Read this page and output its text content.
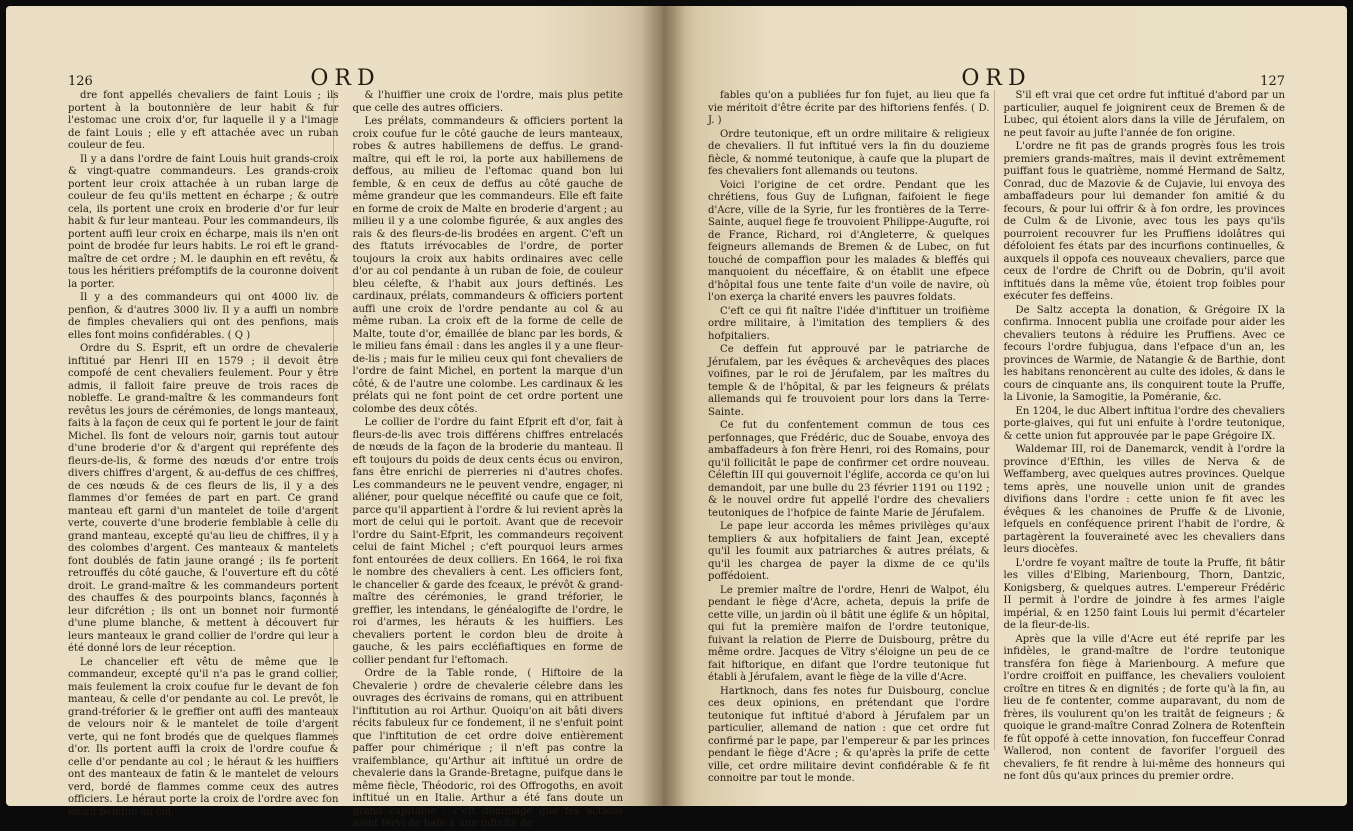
126	ORD

dre font appellés chevaliers de faint Louis ; ils portent à la boutonnière de leur habit & fur l'estomac une croix d'or, fur laquelle il y a l'image de faint Louis ; elle y eft attachée avec un ruban couleur de feu.

Il y a dans l'ordre de faint Louis huit grands-croix & vingt-quatre commandeurs. Les grands-croix portent leur croix attachée à un ruban large de couleur de feu qu'ils mettent en écharpe ; & outre cela, ils portent une croix en broderie d'or fur leur habit & fur leur manteau. Pour les commandeurs, ils portent auffi leur croix en écharpe, mais ils n'en ont point de brodée fur leurs habits. Le roi eft le grand-maître de cet ordre ; M. le dauphin en eft revêtu, & tous les héritiers préfomptifs de la couronne doivent la porter.

Il y a des commandeurs qui ont 4000 liv. de penfion, & d'autres 3000 liv. Il y a auffi un nombre de fimples chevaliers qui ont des penfions, mais elles font moins confidérables. ( Q )

Ordre du S. Esprit, eft un ordre de chevalerie inftitué par Henri III en 1579 ; il devoit être compofé de cent chevaliers feulement. Pour y être admis, il falloit faire preuve de trois races de nobleffe. Le grand-maître & les commandeurs font revêtus les jours de cérémonies, de longs manteaux, faits à la façon de ceux qui fe portent le jour de faint Michel. Ils font de velours noir, garnis tout autour d'une broderie d'or & d'argent qui repréfente des fleurs-de-lis, & forme des nœuds d'or entre trois divers chiffres d'argent, & au-deffus de ces chiffres, de ces nœuds & de ces fleurs de lis, il y a des flammes d'or femées de part en part. Ce grand manteau eft garni d'un mantelet de toile d'argent verte, couverte d'une broderie femblable à celle du grand manteau, excepté qu'au lieu de chiffres, il y a des colombes d'argent. Ces manteaux & mantelets font doublés de fatin jaune orangé ; ils fe portent retrouffés du côté gauche, & l'ouverture eft du côté droit. Le grand-maître & les commandeurs portent des chauffes & des pourpoints blancs, façonnés à leur difcrétion ; ils ont un bonnet noir furmonté d'une plume blanche, & mettent à découvert fur leurs manteaux le grand collier de l'ordre qui leur a été donné lors de leur réception.

Le chancelier eft vêtu de même que le commandeur, excepté qu'il n'a pas le grand collier, mais feulement la croix coufue fur le devant de fon manteau, & celle d'or pendante au col. Le prevôt, le grand-tréforier & le greffier ont auffi des manteaux de velours noir & le mantelet de toile d'argent verte, qui ne font brodés que de quelques flammes d'or. Ils portent auffi la croix de l'ordre coufue & celle d'or pendante au col ; le héraut & les huiffiers ont des manteaux de fatin & le mantelet de velours verd, bordé de flammes comme ceux des autres officiers. Le héraut porte la croix de l'ordre avec fon émail pendue au col,

& l'huiffier une croix de l'ordre, mais plus petite que celle des autres officiers.

Les prélats, commandeurs & officiers portent la croix coufue fur le côté gauche de leurs manteaux, robes & autres habillemens de deffus. Le grand-maître, qui eft le roi, la porte aux habillemens de deffous, au milieu de l'eftomac quand bon lui femble, & en ceux de deffus au côté gauche de même grandeur que les commandeurs. Elle eft faite en forme de croix de Malte en broderie d'argent ; au milieu il y a une colombe figurée, & aux angles des rais & des fleurs-de-lis brodées en argent. C'eft un des ftatuts irrévocables de l'ordre, de porter toujours la croix aux habits ordinaires avec celle d'or au col pendante à un ruban de foie, de couleur bleu célefte, & l'habit aux jours deftinés. Les cardinaux, prélats, commandeurs & officiers portent auffi une croix de l'ordre pendante au col & au même ruban. La croix eft de la forme de celle de Malte, toute d'or, émaillée de blanc par les bords, & le milieu fans émail : dans les angles il y a une fleur-de-lis ; mais fur le milieu ceux qui font chevaliers de l'ordre de faint Michel, en portent la marque d'un côté, & de l'autre une colombe. Les cardinaux & les prélats qui ne font point de cet ordre portent une colombe des deux côtés.

Le collier de l'ordre du faint Efprit eft d'or, fait à fleurs-de-lis avec trois différens chiffres entrelacés de nœuds de la façon de la broderie du manteau. Il eft toujours du poids de deux cents écus ou environ, fans être enrichi de pierreries ni d'autres chofes. Les commandeurs ne le peuvent vendre, engager, ni aliéner, pour quelque néceffité ou caufe que ce foit, parce qu'il appartient à l'ordre & lui revient après la mort de celui qui le portoit. Avant que de recevoir l'ordre du Saint-Efprit, les commandeurs reçoivent celui de faint Michel ; c'eft pourquoi leurs armes font entourées de deux colliers. En 1664, le roi fixa le nombre des chevaliers à cent. Les officiers font, le chancelier & garde des fceaux, le prévôt & grand-maître des cérémonies, le grand tréforier, le greffier, les intendans, le généalogifte de l'ordre, le roi d'armes, les hérauts & les huiffiers. Les chevaliers portent le cordon bleu de droite à gauche, & les pairs eccléfiaftiques en forme de collier pendant fur l'eftomach.

Ordre de la Table ronde, ( Hiftoire de la Chevalerie ) ordre de chevalerie célebre dans les ouvrages des écrivains de romans, qui en attribuent l'inftitution au roi Arthur. Quoiqu'on ait bâti divers récits fabuleux fur ce fondement, il ne s'enfuit point que l'inftitution de cet ordre doive entièrement paffer pour chimérique ; il n'eft pas contre la vraifemblance, qu'Arthur ait inftitué un ordre de chevalerie dans la Grande-Bretagne, puifque dans le même fiècle, Théodoric, roi des Offrogoths, en avoit inftitué un en Italie. Arthur a été fans doute un grand capitaine : c'eft dommage que fes actions aient fervi de bafe à une infinité de

ORD	127

fables qu'on a publiées fur fon fujet, au lieu que fa vie méritoit d'être écrite par des hiftoriens fenfés. ( D. J. )

Ordre teutonique, eft un ordre militaire & religieux de chevaliers. Il fut inftitué vers la fin du douzieme fiècle, & nommé teutonique, à caufe que la plupart de fes chevaliers font allemands ou teutons.

Voici l'origine de cet ordre. Pendant que les chrétiens, fous Guy de Lufignan, faifoient le fiege d'Acre, ville de la Syrie, fur les frontières de la Terre-Sainte, auquel fiege fe trouvoient Philippe-Augufte, roi de France, Richard, roi d'Angleterre, & quelques feigneurs allemands de Bremen & de Lubec, on fut touché de compaffion pour les malades & bleffés qui manquoient du néceffaire, & on établit une efpece d'hôpital fous une tente faite d'un voile de navire, où l'on exerça la charité envers les pauvres foldats.

C'eft ce qui fit naître l'idée d'inftituer un troifième ordre militaire, à l'imitation des templiers & des hofpitaliers.

Ce deffein fut approuvé par le patriarche de Jérufalem, par les évêques & archevêques des places voifines, par le roi de Jérufalem, par les maîtres du temple & de l'hôpital, & par les feigneurs & prélats allemands qui fe trouvoient pour lors dans la Terre-Sainte.

Ce fut du confentement commun de tous ces perfonnages, que Frédéric, duc de Souabe, envoya des ambaffadeurs à fon frère Henri, roi des Romains, pour qu'il follicitât le pape de confirmer cet ordre nouveau. Céleftin III qui gouvernoit l'églife, accorda ce qu'on lui demandoit, par une bulle du 23 février 1191 ou 1192 ; & le nouvel ordre fut appellé l'ordre des chevaliers teutoniques de l'hofpice de fainte Marie de Jérufalem.

Le pape leur accorda les mêmes privilèges qu'aux templiers & aux hofpitaliers de faint Jean, excepté qu'il les foumit aux patriarches & autres prélats, & qu'il les chargea de payer la dixme de ce qu'ils poffédoient.

Le premier maître de l'ordre, Henri de Walpot, élu pendant le fiège d'Acre, acheta, depuis la prife de cette ville, un jardin où il bâtit une églife & un hôpital, qui fut la première maifon de l'ordre teutonique, fuivant la relation de Pierre de Duisbourg, prêtre du même ordre. Jacques de Vitry s'éloigne un peu de ce fait hiftorique, en difant que l'ordre teutonique fut établi à Jérufalem, avant le fiège de la ville d'Acre.

Hartknoch, dans fes notes fur Duisbourg, conclue ces deux opinions, en prétendant que l'ordre teutonique fut inftitué d'abord à Jérufalem par un particulier, allemand de nation : que cet ordre fut confirmé par le pape, par l'empereur & par les princes pendant le fiège d'Acre ; & qu'après la prife de cette ville, cet ordre militaire devint confidérable & fe fit connoitre par tout le monde.

S'il eft vrai que cet ordre fut inftitué d'abord par un particulier, auquel fe joignirent ceux de Bremen & de Lubec, qui étoient alors dans la ville de Jérufalem, on ne peut favoir au jufte l'année de fon origine.

L'ordre ne fit pas de grands progrès fous les trois premiers grands-maîtres, mais il devint extrêmement puiffant fous le quatrième, nommé Hermand de Saltz, Conrad, duc de Mazovie & de Cujavie, lui envoya des ambaffadeurs pour lui demander fon amitié & du fecours, & pour lui offrir & à fon ordre, les provinces de Culm & de Livonie, avec tous les pays qu'ils pourroient recouvrer fur les Pruffiens idolâtres qui défoloient fes états par des incurfions continuelles, & auxquels il oppofa ces nouveaux chevaliers, parce que ceux de l'ordre de Chrift ou de Dobrin, qu'il avoit inftitués dans la même vûe, étoient trop foibles pour exécuter fes deffeins.

De Saltz accepta la donation, & Grégoire IX la confirma. Innocent publia une croifade pour aider les chevaliers teutons à réduire les Pruffiens. Avec ce fecours l'ordre fubjugua, dans l'efpace d'un an, les provinces de Warmie, de Natangie & de Barthie, dont les habitans renoncèrent au culte des idoles, & dans le cours de cinquante ans, ils conquirent toute la Pruffe, la Livonie, la Samogitie, la Poméranie, &c.

En 1204, le duc Albert inftitua l'ordre des chevaliers porte-glaives, qui fut uni enfuite à l'ordre teutonique, & cette union fut approuvée par le pape Grégoire IX.

Waldemar III, roi de Danemarck, vendit à l'ordre la province d'Efthin, les villes de Nerva & de Weffamberg, avec quelques autres provinces. Quelque tems après, une nouvelle union unit de grandes divifions dans l'ordre : cette union fe fit avec les évêques & les chanoines de Pruffe & de Livonie, lefquels en conféquence prirent l'habit de l'ordre, & partagèrent la fouveraineté avec les chevaliers dans leurs diocèfes.

L'ordre fe voyant maître de toute la Pruffe, fit bâtir les villes d'Elbing, Marienbourg, Thorn, Dantzic, Konigsberg, & quelques autres. L'empereur Frédéric II permit à l'ordre de joindre à fes armes l'aigle impérial, & en 1250 faint Louis lui permit d'écarteler de la fleur-de-lis.

Après que la ville d'Acre eut été reprife par les infidèles, le grand-maître de l'ordre teutonique transféra fon fiège à Marienbourg. A mefure que l'ordre croiffoit en puiffance, les chevaliers vouloient croître en titres & en dignités ; de forte qu'à la fin, au lieu de fe contenter, comme auparavant, du nom de frères, ils voulurent qu'on les traitât de feigneurs ; & quoique le grand-maître Conrad Zolnera de Rotenftein fe fût oppofé à cette innovation, fon fucceffeur Conrad Wallerod, non content de favorifer l'orgueil des chevaliers, fe fit rendre à lui-même des honneurs qui ne font dûs qu'aux princes du premier ordre.
